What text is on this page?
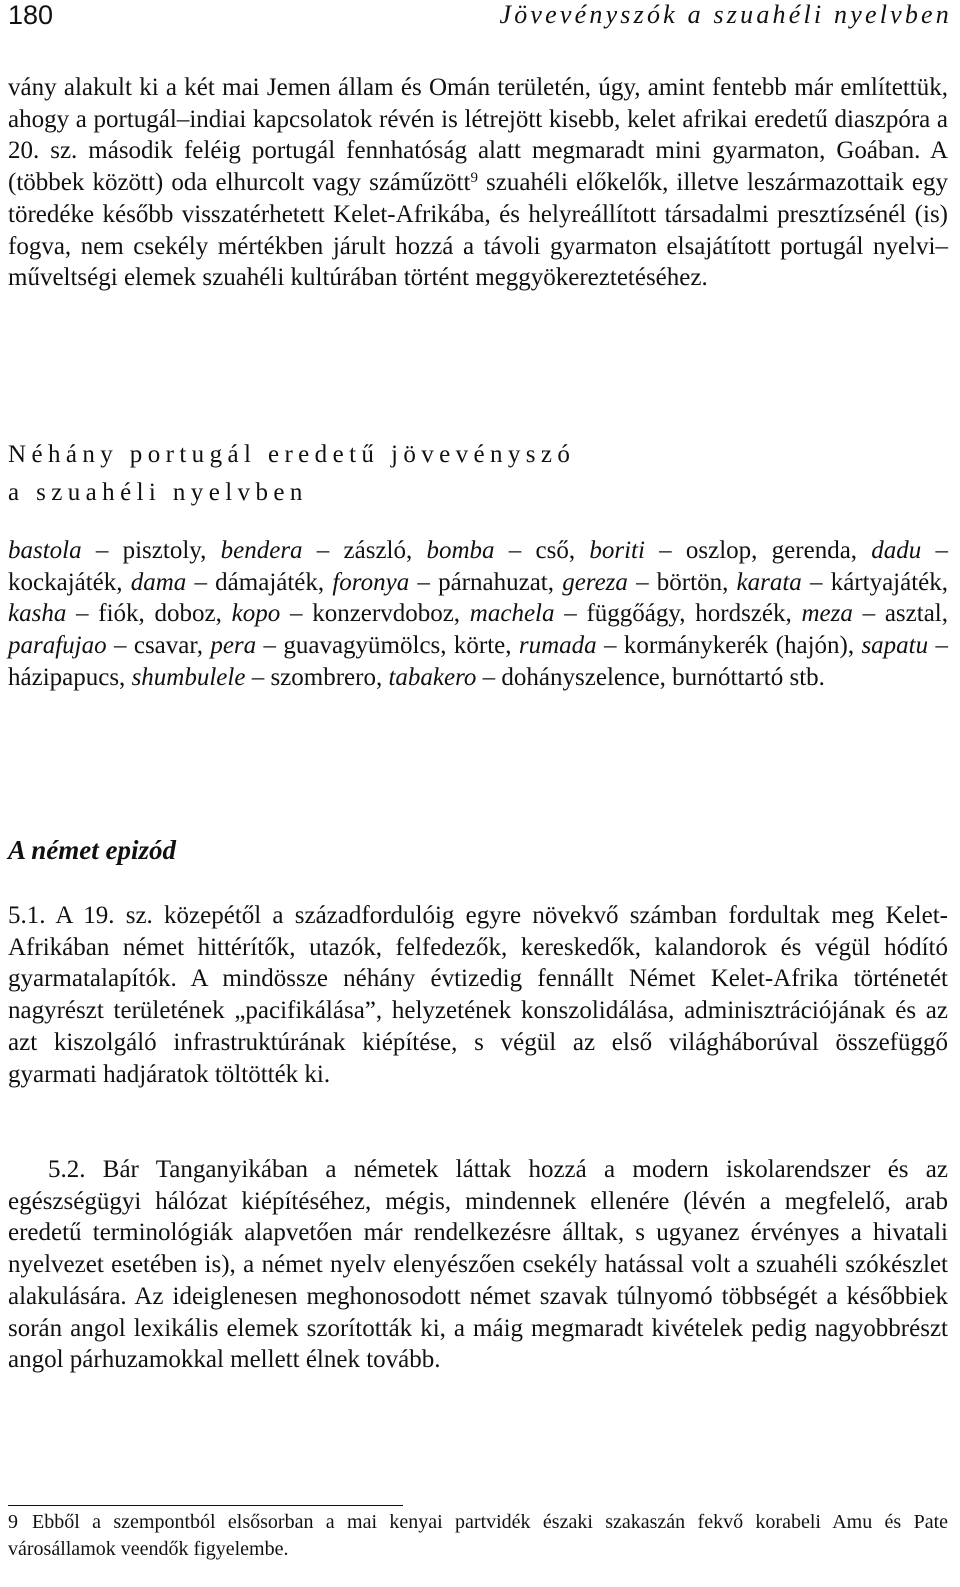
180	Jövevényszók a szuahéli nyelvben

vány alakult ki a két mai Jemen állam és Omán területén, úgy, amint fentebb már említettük, ahogy a portugál–indiai kapcsolatok révén is létrejött kisebb, kelet afrikai eredetű diaszpóra a 20. sz. második feléig portugál fennhatóság alatt megmaradt mini gyarmaton, Goában. A (többek között) oda elhurcolt vagy száműzött$^9$ szuahéli előkelők, illetve leszármazottaik egy töredéke később visszatérhetett Kelet-Afrikába, és helyreállított társadalmi presztízsénél (is) fogva, nem csekély mértékben járult hozzá a távoli gyarmaton elsajátított portugál nyelvi–műveltségi elemek szuahéli kultúrában történt meggyökereztetéséhez.

Néhány portugál eredetű jövevényszó
a szuahéli nyelvben

bastola – pisztoly, bendera – zászló, bomba – cső, boriti – oszlop, gerenda, dadu – kockajáték, dama – dámajáték, foronya – párnahuzat, gereza – börtön, karata – kártyajáték, kasha – fiók, doboz, kopo – konzervdoboz, machela – függőágy, hordszék, meza – asztal, parafujao – csavar, pera – guavagyümölcs, körte, rumada – kormánykerék (hajón), sapatu – házipapucs, shumbulele – szombrero, tabakero – dohányszelence, burnóttartó stb.

A német epizód

5.1. A 19. sz. közepétől a századfordulóig egyre növekvő számban fordultak meg Kelet-Afrikában német hittérítők, utazók, felfedezők, kereskedők, kalandorok és végül hódító gyarmatalapítók. A mindössze néhány évtizedig fennállt Német Kelet-Afrika történetét nagyrészt területének „pacifikálása”, helyzetének konszolidálása, adminisztrációjának és az azt kiszolgáló infrastruktúrának kiépítése, s végül az első világháborúval összefüggő gyarmati hadjáratok töltötték ki.

5.2. Bár Tanganyikában a németek láttak hozzá a modern iskolarendszer és az egészségügyi hálózat kiépítéséhez, mégis, mindennek ellenére (lévén a megfelelő, arab eredetű terminológiák alapvetően már rendelkezésre álltak, s ugyanez érvényes a hivatali nyelvezet esetében is), a német nyelv elenyészően csekély hatással volt a szuahéli szókészlet alakulására. Az ideiglenesen meghonosodott német szavak túlnyomó többségét a későbbiek során angol lexikális elemek szorították ki, a máig megmaradt kivételek pedig nagyobbrészt angol párhuzamokkal mellett élnek tovább.

9 Ebből a szempontból elsősorban a mai kenyai partvidék északi szakaszán fekvő korabeli Amu és Pate városállamok veendők figyelembe.
